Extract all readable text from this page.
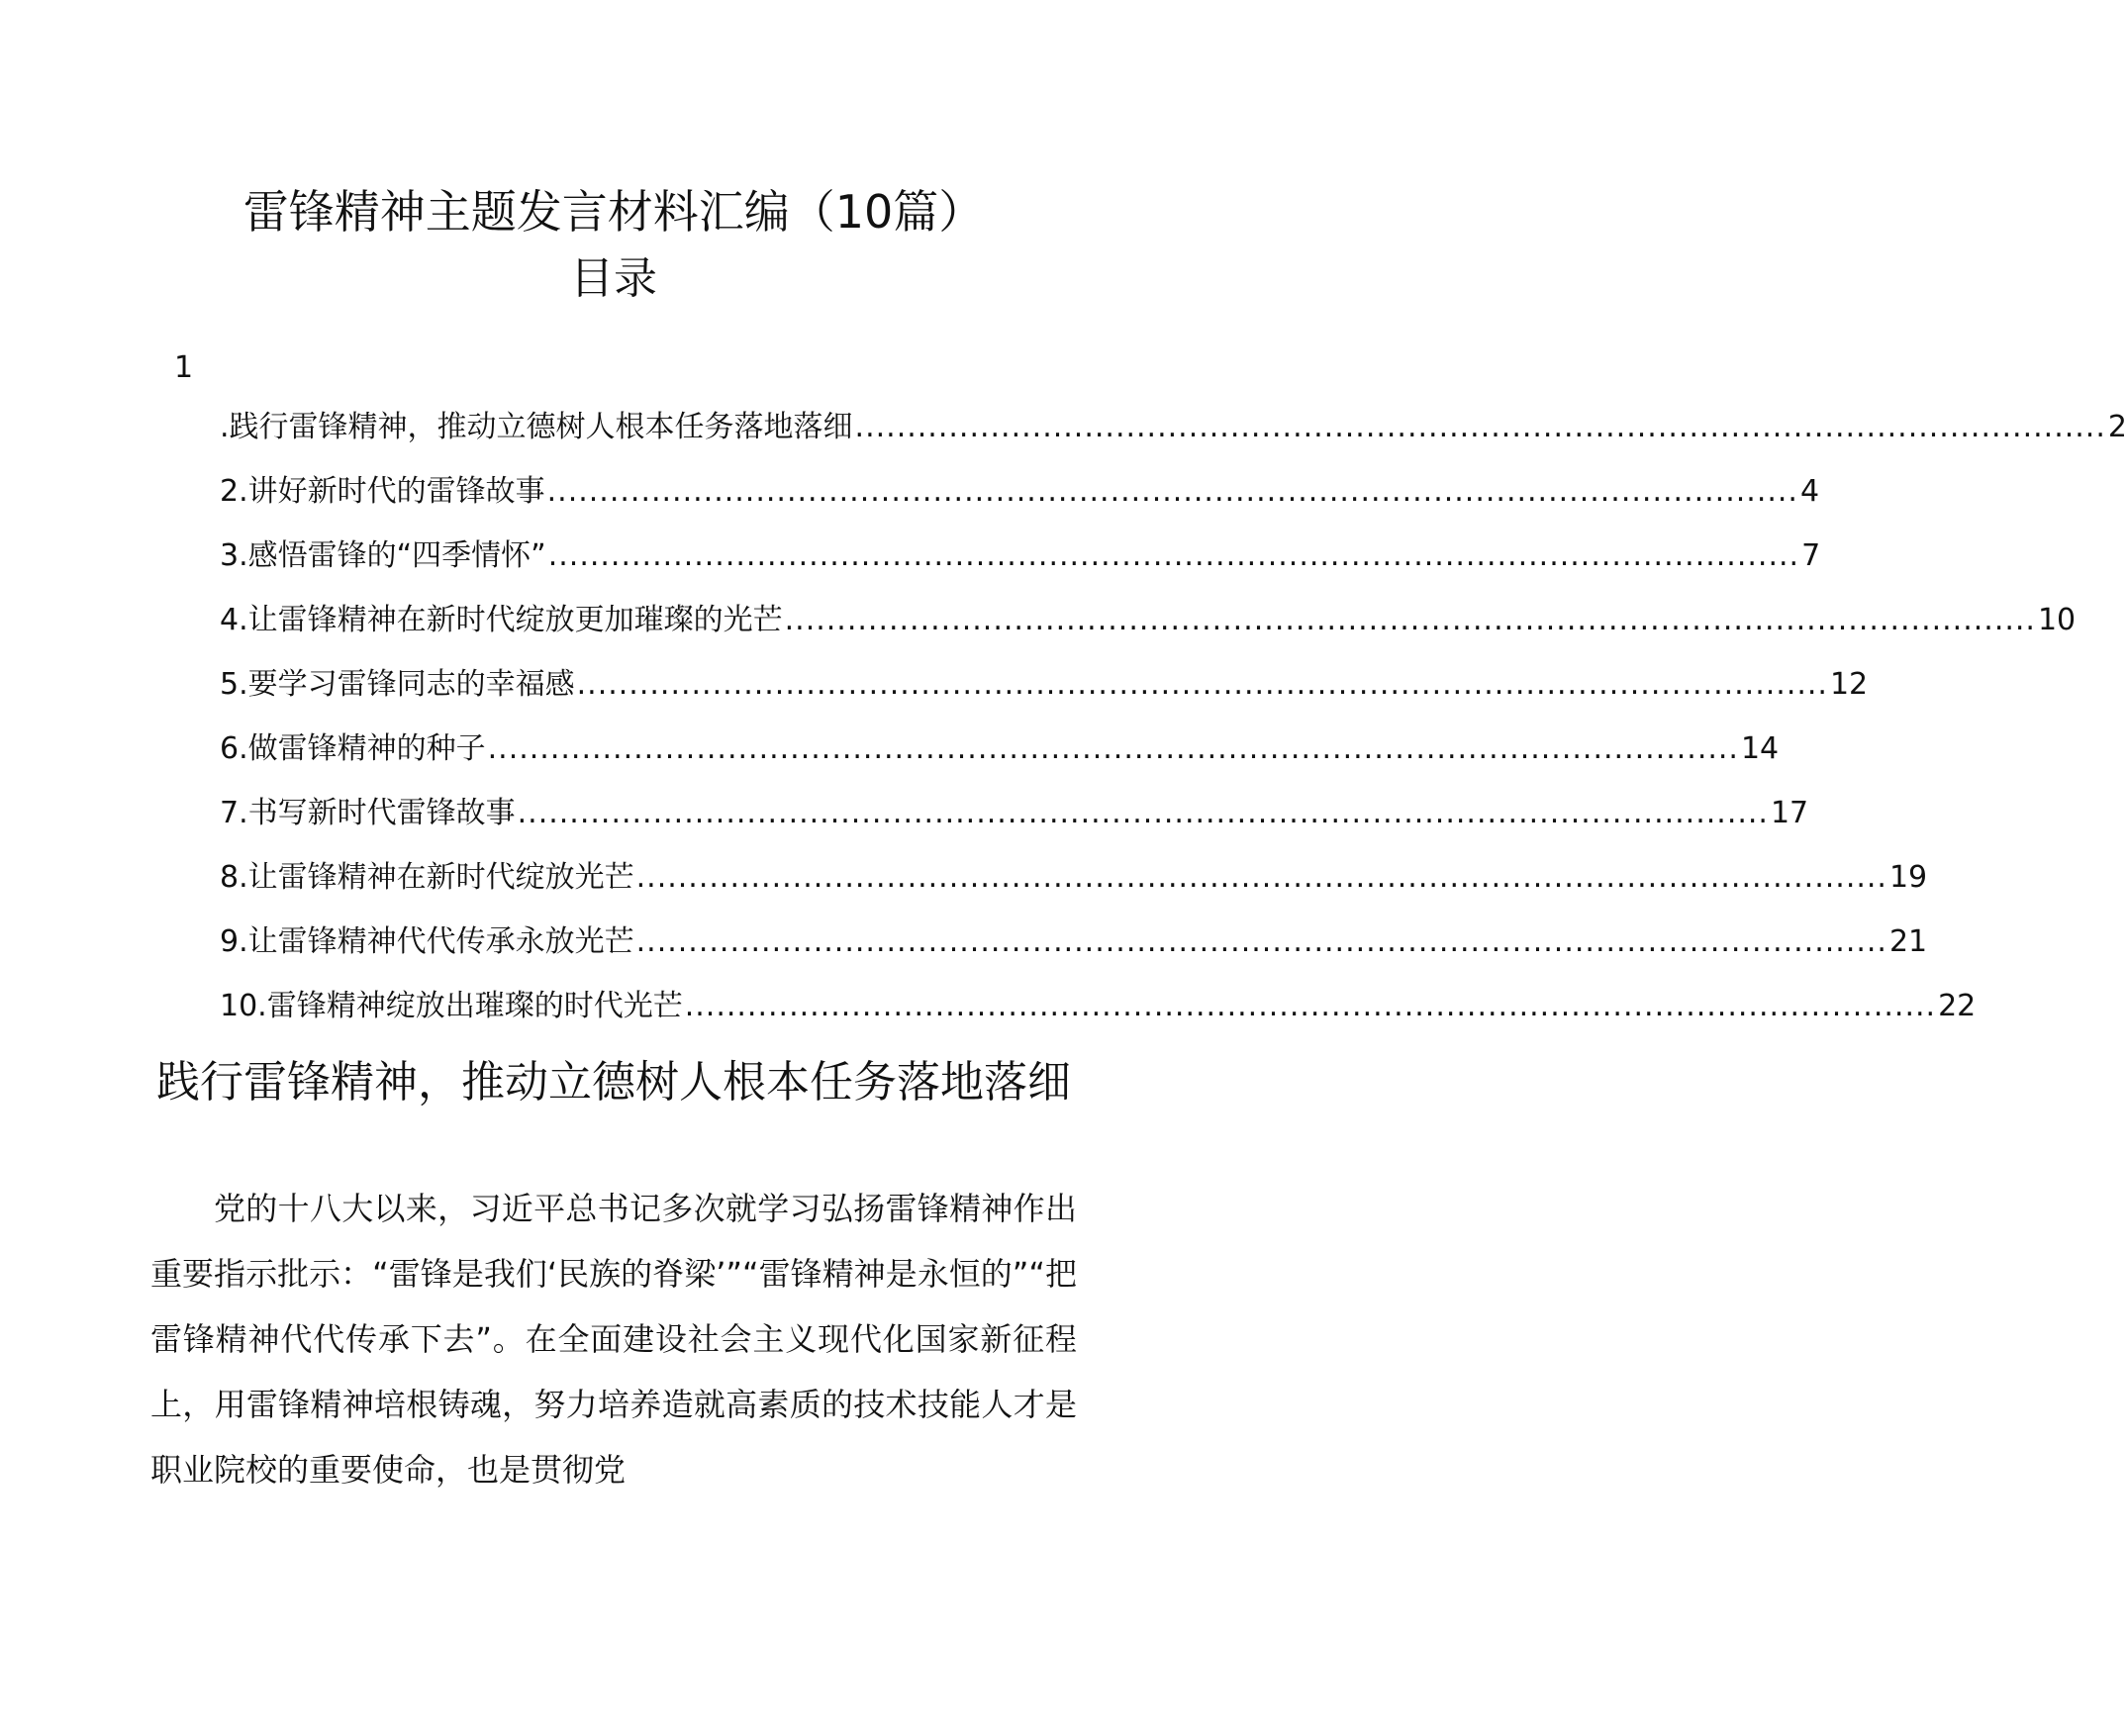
雷锋精神主题发言材料汇编（10篇）
目录
1
.践行雷锋精神，推动立德树人根本任务落地落细 ........................................................................................................................ 2
2.讲好新时代的雷锋故事 ........................................................................................................................ 4
3.感悟雷锋的“四季情怀” ........................................................................................................................ 7
4.让雷锋精神在新时代绽放更加璀璨的光芒 ........................................................................................................................ 10
5.要学习雷锋同志的幸福感 ........................................................................................................................ 12
6.做雷锋精神的种子 ........................................................................................................................ 14
7.书写新时代雷锋故事 ........................................................................................................................ 17
8.让雷锋精神在新时代绽放光芒 ........................................................................................................................ 19
9.让雷锋精神代代传承永放光芒 ........................................................................................................................ 21
10.雷锋精神绽放出璀璨的时代光芒 ........................................................................................................................ 22
践行雷锋精神，推动立德树人根本任务落地落细

党的十八大以来，习近平总书记多次就学习弘扬雷锋精神作出重要指示批示：“雷锋是我们‘民族的脊梁’”“雷锋精神是永恒的”“把雷锋精神代代传承下去”。在全面建设社会主义现代化国家新征程上，用雷锋精神培根铸魂，努力培养造就高素质的技术技能人才是职业院校的重要使命，也是贯彻党
